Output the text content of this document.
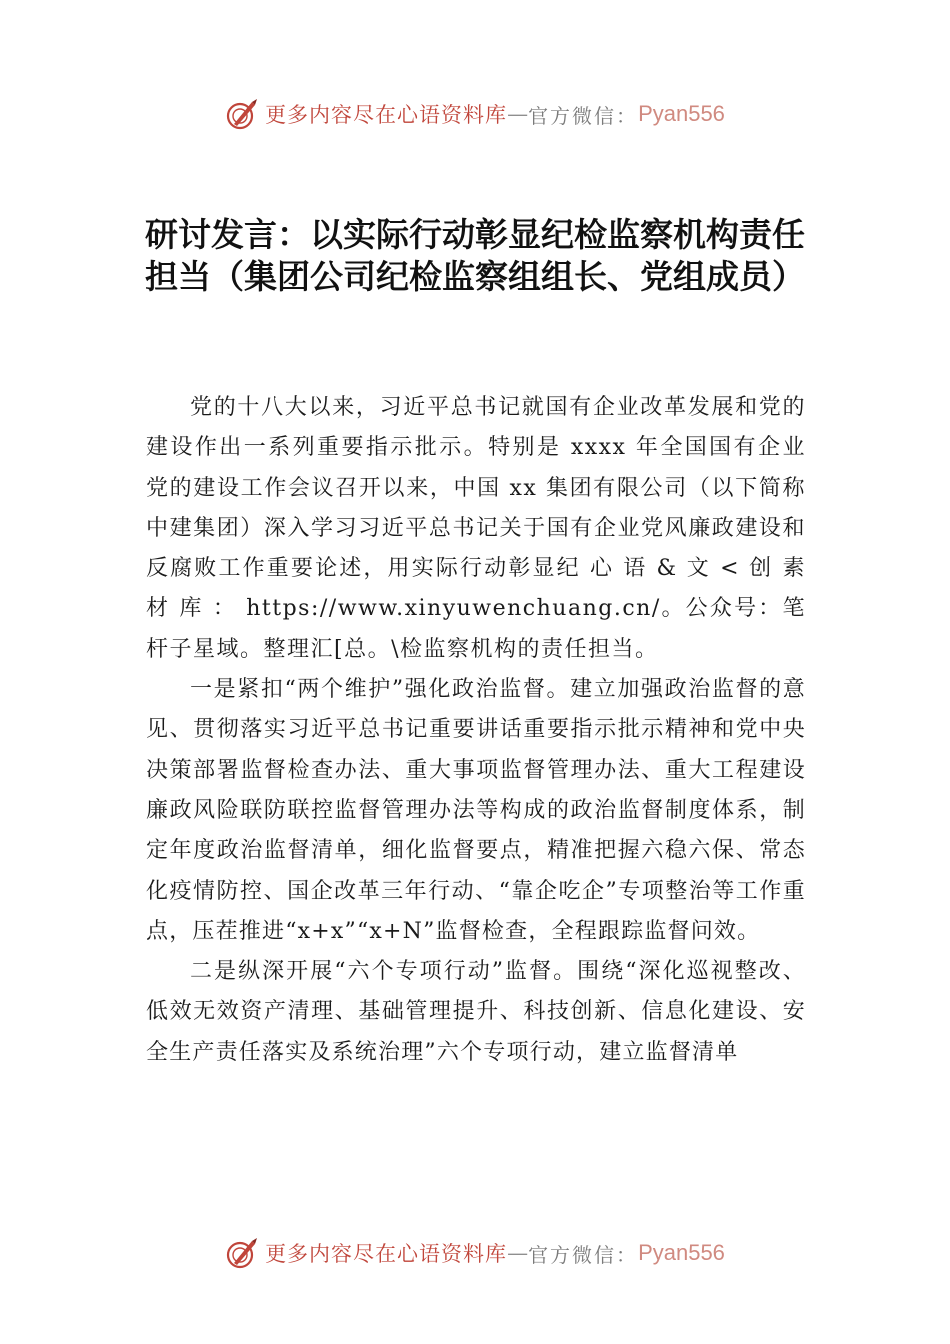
更多内容尽在心语资料库 — 官方微信： Pyan556
研讨发言：以实际行动彰显纪检监察机构责任担当（集团公司纪检监察组组长、党组成员）

党的十八大以来，习近平总书记就国有企业改革发展和党的建设作出一系列重要指示批示。特别是 xxxx 年全国国有企业党的建设工作会议召开以来，中国 xx 集团有限公司（以下简称中建集团）深入学习习近平总书记关于国有企业党风廉政建设和反腐败工作重要论述，用实际行动彰显纪 心 语 & 文 < 创 素 材 库 ： https://www.xinyuwenchuang.cn/。公众号：笔杆子星域。整理汇[总。\检监察机构的责任担当。

一是紧扣“两个维护”强化政治监督。建立加强政治监督的意见、贯彻落实习近平总书记重要讲话重要指示批示精神和党中央决策部署监督检查办法、重大事项监督管理办法、重大工程建设廉政风险联防联控监督管理办法等构成的政治监督制度体系，制定年度政治监督清单，细化监督要点，精准把握六稳六保、常态化疫情防控、国企改革三年行动、“靠企吃企”专项整治等工作重点，压茬推进“x+x”“x+N”监督检查，全程跟踪监督问效。

二是纵深开展“六个专项行动”监督。围绕“深化巡视整改、低效无效资产清理、基础管理提升、科技创新、信息化建设、安全生产责任落实及系统治理”六个专项行动，建立监督清单

更多内容尽在心语资料库 — 官方微信： Pyan556
